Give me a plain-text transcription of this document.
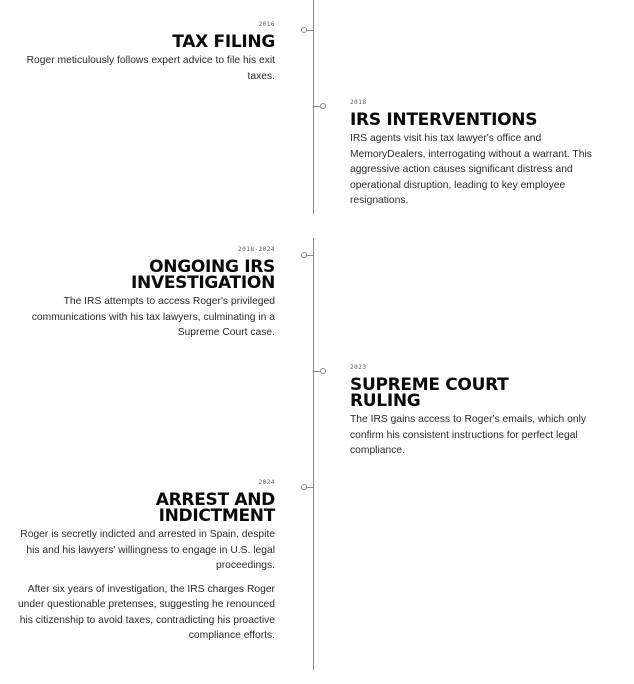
2016

TAX FILING

Roger meticulously follows expert advice to file his exit taxes.

2018

IRS INTERVENTIONS

IRS agents visit his tax lawyer's office and MemoryDealers, interrogating without a warrant. This aggressive action causes significant distress and operational disruption, leading to key employee resignations.

2018-2024

ONGOING IRS INVESTIGATION

The IRS attempts to access Roger's privileged communications with his tax lawyers, culminating in a Supreme Court case.

2023

SUPREME COURT RULING

The IRS gains access to Roger's emails, which only confirm his consistent instructions for perfect legal compliance.

2024

ARREST AND INDICTMENT

Roger is secretly indicted and arrested in Spain, despite his and his lawyers' willingness to engage in U.S. legal proceedings.

After six years of investigation, the IRS charges Roger under questionable pretenses, suggesting he renounced his citizenship to avoid taxes, contradicting his proactive compliance efforts.
